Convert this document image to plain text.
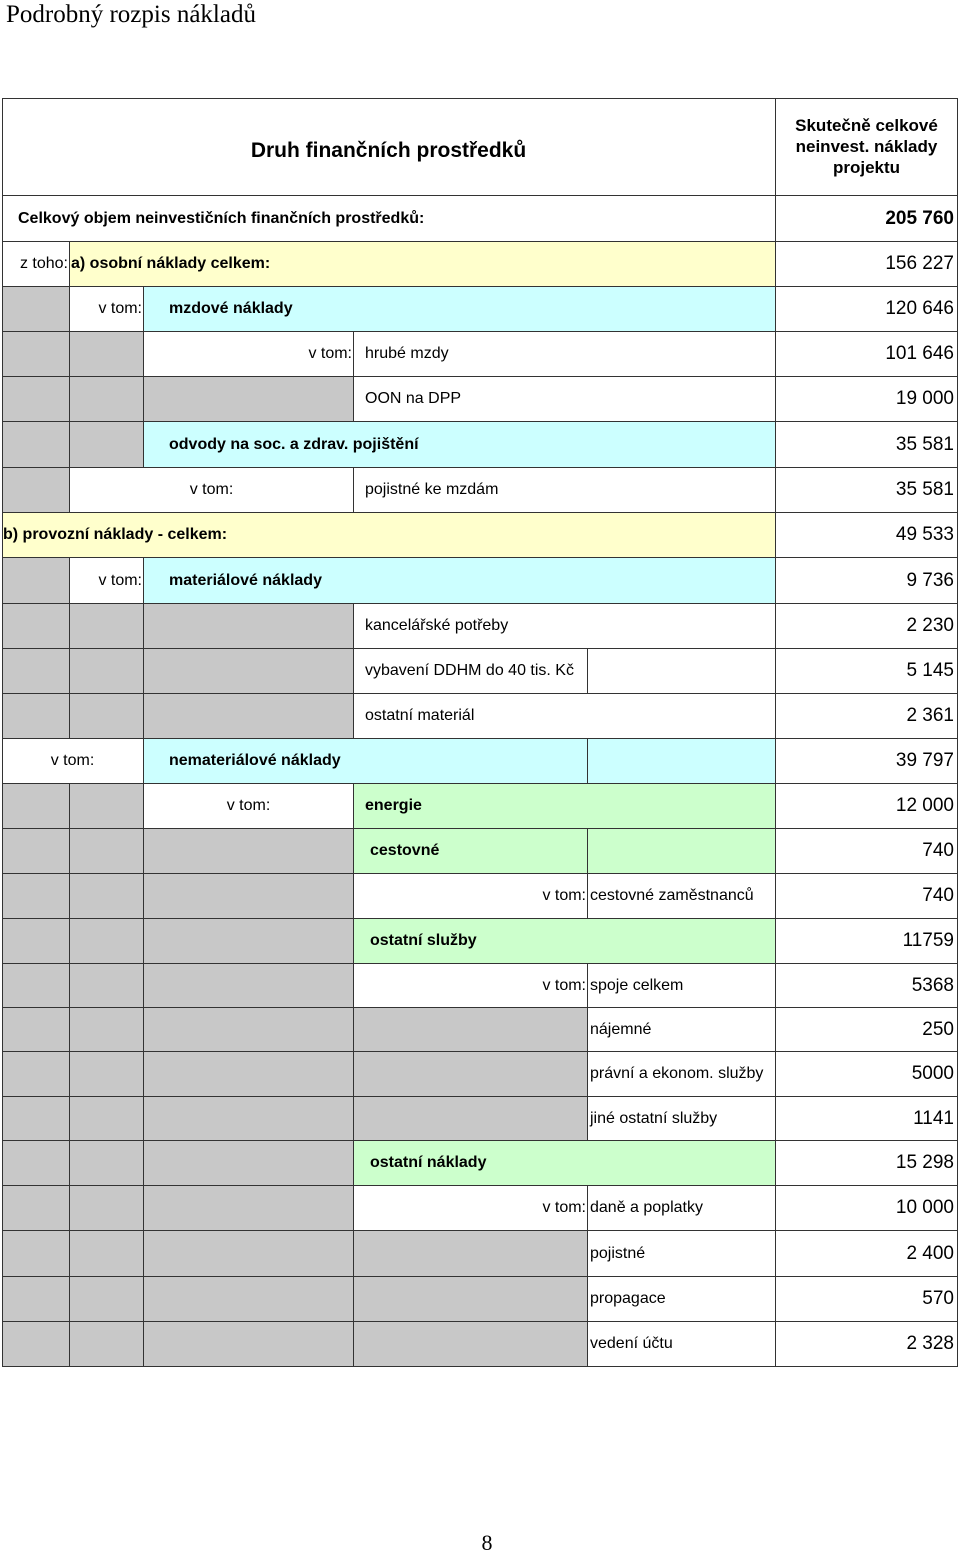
Podrobný rozpis nákladů
Druh finančních prostředků
Skutečně celkové neinvest. náklady projektu
Celkový objem neinvestičních finančních prostředků:	205 760
z toho: a) osobní náklady celkem:	156 227
v tom:	mzdové náklady	120 646
v tom: hrubé mzdy	101 646
OON na DPP	19 000
odvody na soc. a zdrav. pojištění	35 581
v tom:	pojistné ke mzdám	35 581
b) provozní náklady - celkem:	49 533
v tom:	materiálové náklady	9 736
kancelářské potřeby	2 230
vybavení DDHM do 40 tis. Kč	5 145
ostatní materiál	2 361
v tom:	nemateriálové náklady	39 797
v tom:	energie	12 000
cestovné	740
v tom: cestovné zaměstnanců	740
ostatní služby	11759
v tom: spoje celkem	5368
nájemné	250
právní a ekonom. služby	5000
jiné ostatní služby	1141
ostatní náklady	15 298
v tom: daně a poplatky	10 000
pojistné	2 400
propagace	570
vedení účtu	2 328
8
